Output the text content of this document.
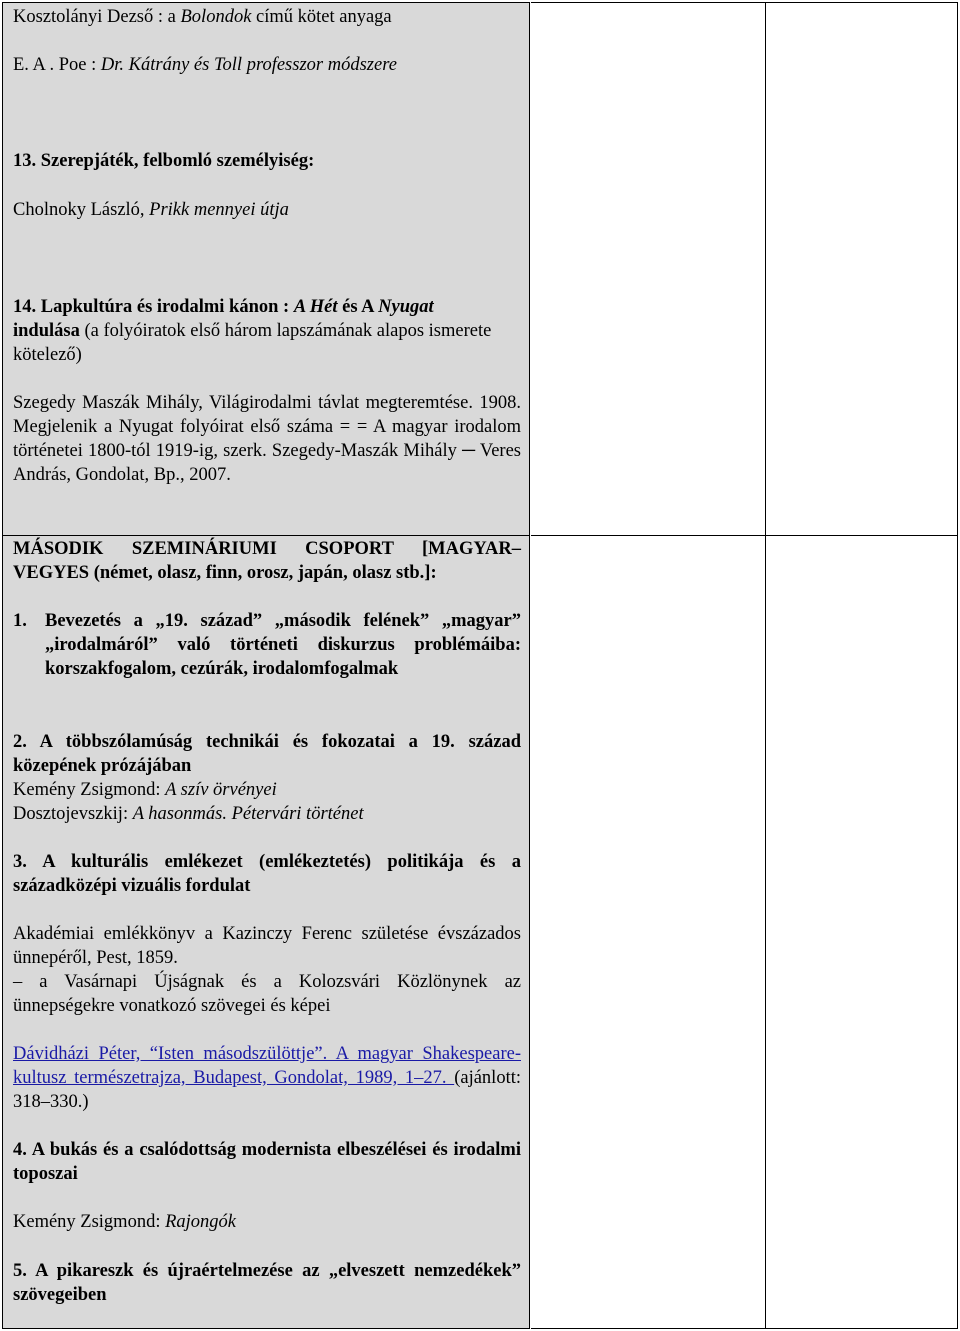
Kosztolányi Dezső : a Bolondok című kötet anyaga
E. A . Poe : Dr. Kátrány és Toll professzor módszere
13. Szerepjáték, felbomló személyiség:
Cholnoky László, Prikk mennyei útja
14. Lapkultúra és irodalmi kánon : A Hét és A Nyugat
indulása (a folyóiratok első három lapszámának alapos ismerete kötelező)
Szegedy Maszák Mihály, Világirodalmi távlat megteremtése. 1908. Megjelenik a Nyugat folyóirat első száma = = A magyar irodalom történetei 1800-tól 1919-ig, szerk. Szegedy-Maszák Mihály ─ Veres András, Gondolat, Bp., 2007.
MÁSODIK SZEMINÁRIUMI CSOPORT [MAGYAR– VEGYES (német, olasz, finn, orosz, japán, olasz stb.]:
1. Bevezetés a „19. század” „második felének” „magyar” „irodalmáról” való történeti diskurzus problémáiba: korszakfogalom, cezúrák, irodalomfogalmak
2. A többszólamúság technikái és fokozatai a 19. század közepének prózájában
Kemény Zsigmond: A szív örvényei
Dosztojevszkij: A hasonmás. Pétervári történet
3. A kulturális emlékezet (emlékeztetés) politikája és a századközépi vizuális fordulat
Akadémiai emlékkönyv a Kazinczy Ferenc születése évszázados ünnepéről, Pest, 1859.
– a Vasárnapi Újságnak és a Kolozsvári Közlönynek az ünnepségekre vonatkozó szövegei és képei
Dávidházi Péter, “Isten másodszülöttje”. A magyar Shakespeare-kultusz természetrajza, Budapest, Gondolat, 1989, 1–27. (ajánlott: 318–330.)
4. A bukás és a csalódottság modernista elbeszélései és irodalmi toposzai
Kemény Zsigmond: Rajongók
5. A pikareszk és újraértelmezése az „elveszett nemzedékek” szövegeiben
